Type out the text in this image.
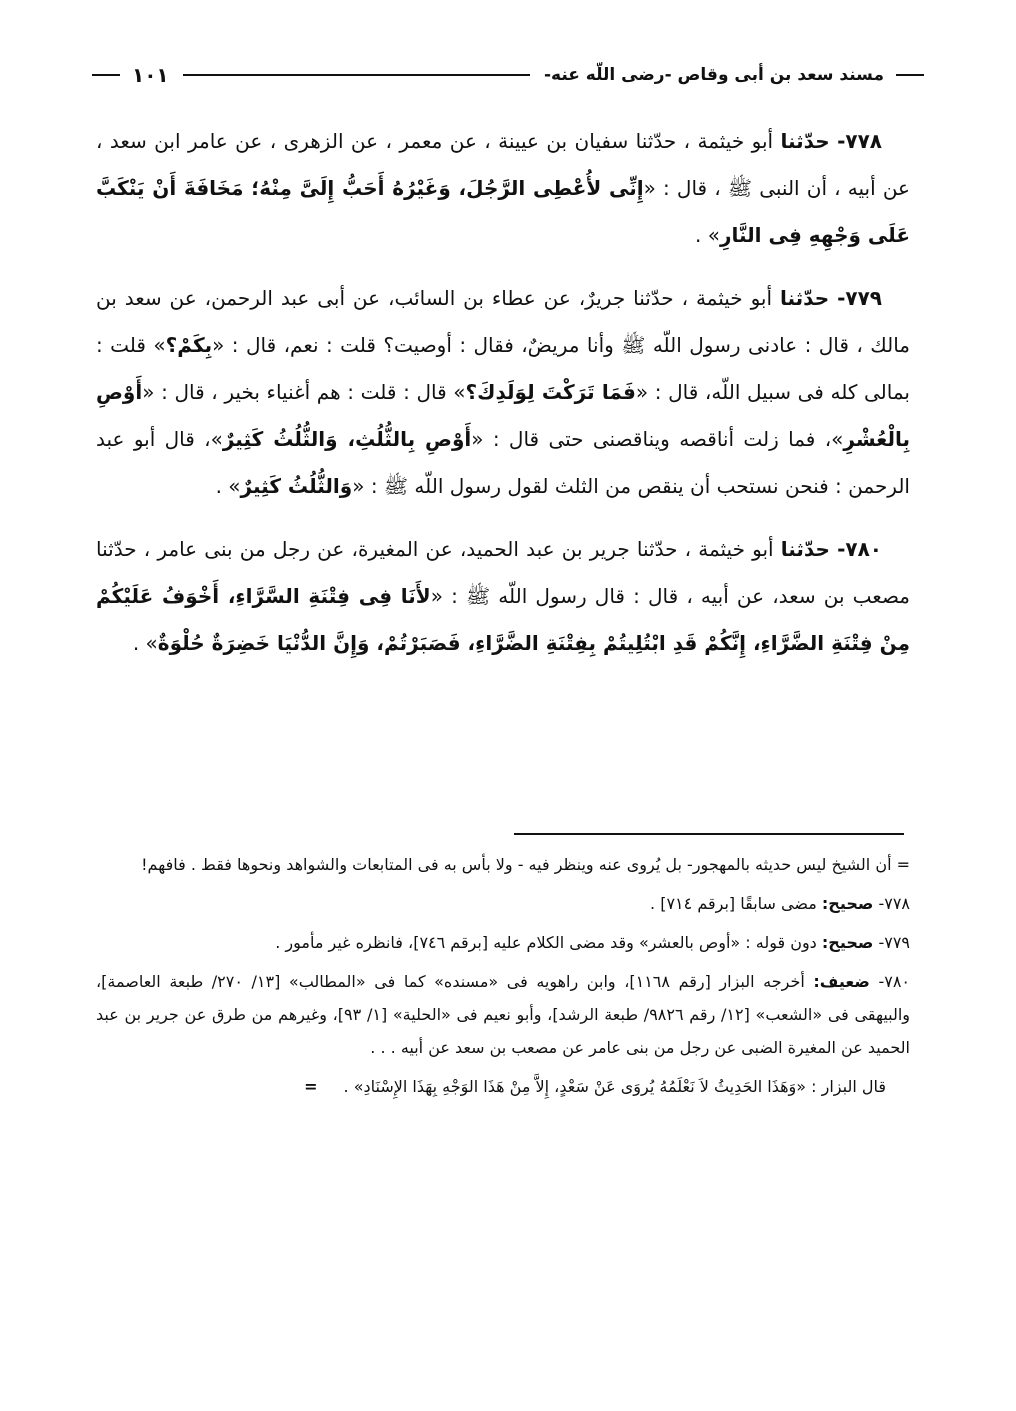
مسند سعد بن أبى وقاص -رضى اللّه عنه-
١٠١

٧٧٨- حدّثنا أبو خيثمة ، حدّثنا سفيان بن عيينة ، عن معمر ، عن الزهرى ، عن عامر ابن سعد ، عن أبيه ، أن النبى ﷺ ، قال : «إِنِّى لأُعْطِى الرَّجُلَ، وَغَيْرُهُ أَحَبُّ إِلَىَّ مِنْهُ؛ مَخَافَةَ أَنْ يَنْكَبَّ عَلَى وَجْهِهِ فِى النَّارِ» .

٧٧٩- حدّثنا أبو خيثمة ، حدّثنا جريرٌ، عن عطاء بن السائب، عن أبى عبد الرحمن، عن سعد بن مالك ، قال : عادنى رسول اللّه ﷺ وأنا مريضٌ، فقال : أوصيت؟ قلت : نعم، قال : «بِكَمْ؟» قلت : بمالى كله فى سبيل اللّه، قال : «فَمَا تَرَكْتَ لِوَلَدِكَ؟» قال : قلت : هم أغنياء بخير ، قال : «أَوْصِ بِالْعُشْرِ»، فما زلت أناقصه ويناقصنى حتى قال : «أَوْصِ بِالثُّلُثِ، وَالثُّلُثُ كَثِيرٌ»، قال أبو عبد الرحمن : فنحن نستحب أن ينقص من الثلث لقول رسول اللّه ﷺ : «وَالثُّلُثُ كَثِيرٌ» .

٧٨٠- حدّثنا أبو خيثمة ، حدّثنا جرير بن عبد الحميد، عن المغيرة، عن رجل من بنى عامر ، حدّثنا مصعب بن سعد، عن أبيه ، قال : قال رسول اللّه ﷺ : «لأَنَا فِى فِتْنَةِ السَّرَّاءِ، أَخْوَفُ عَلَيْكُمْ مِنْ فِتْنَةِ الضَّرَّاءِ، إِنَّكُمْ قَدِ ابْتُلِيتُمْ بِفِتْنَةِ الضَّرَّاءِ، فَصَبَرْتُمْ، وَإِنَّ الدُّنْيَا خَضِرَةٌ حُلْوَةٌ» .

= أن الشيخ ليس حديثه بالمهجور- بل يُروى عنه وينظر فيه - ولا بأس به فى المتابعات والشواهد ونحوها فقط . فافهم!

٧٧٨- صحيح: مضى سابقًا [برقم ٧١٤] .

٧٧٩- صحيح: دون قوله : «أوص بالعشر» وقد مضى الكلام عليه [برقم ٧٤٦]، فانظره غير مأمور .

٧٨٠- ضعيف: أخرجه البزار [رقم ١١٦٨]، وابن راهويه فى «مسنده» كما فى «المطالب» [١٣/ ٢٧٠/ طبعة العاصمة]، والبيهقى فى «الشعب» [١٢/ رقم ٩٨٢٦/ طبعة الرشد]، وأبو نعيم فى «الحلية» [١/ ٩٣]، وغيرهم من طرق عن جرير بن عبد الحميد عن المغيرة الضبى عن رجل من بنى عامر عن مصعب بن سعد عن أبيه . . .

قال البزار : «وَهَذَا الحَدِيثُ لاَ نَعْلَمُهُ يُروَى عَنْ سَعْدٍ، إِلاَّ مِنْ هَذَا الوَجْهِ بِهَذَا الإِسْنَادِ» .=
